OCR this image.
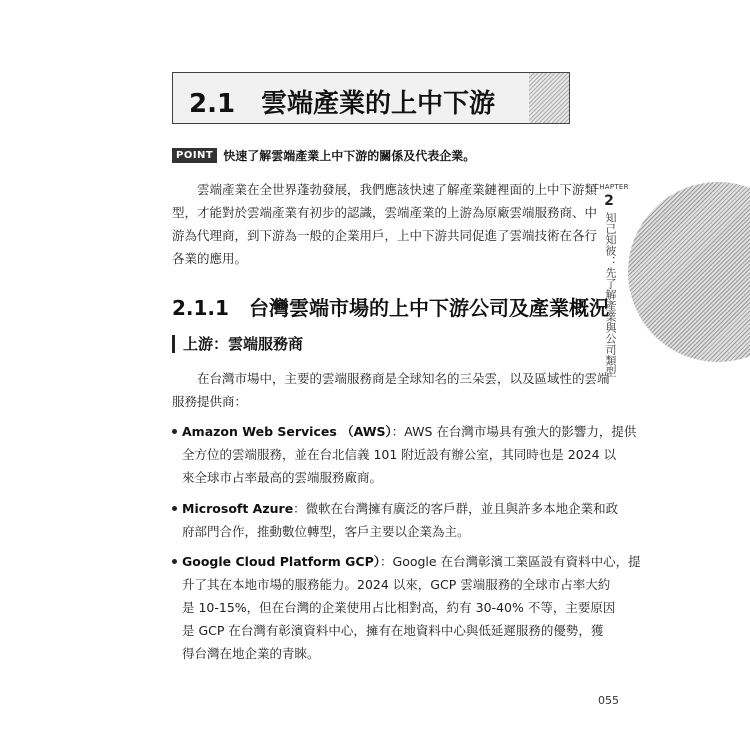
2.1　雲端產業的上中下游
POINT 快速了解雲端產業上中下游的關係及代表企業。

　　雲端產業在全世界蓬勃發展，我們應該快速了解產業鏈裡面的上中下游類

型，才能對於雲端產業有初步的認識，雲端產業的上游為原廠雲端服務商、中

游為代理商，到下游為一般的企業用戶，上中下游共同促進了雲端技術在各行

各業的應用。

2.1.1　台灣雲端市場的上中下游公司及產業概況
上游：雲端服務商

　　在台灣市場中，主要的雲端服務商是全球知名的三朵雲，以及區域性的雲端

服務提供商：

Amazon Web Services （AWS）：AWS 在台灣市場具有強大的影響力，提供

全方位的雲端服務，並在台北信義 101 附近設有辦公室，其同時也是 2024 以

來全球市占率最高的雲端服務廠商。

Microsoft Azure：微軟在台灣擁有廣泛的客戶群，並且與許多本地企業和政

府部門合作，推動數位轉型，客戶主要以企業為主。

Google Cloud Platform GCP）：Google 在台灣彰濱工業區設有資料中心，提

升了其在本地市場的服務能力。2024 以來，GCP 雲端服務的全球市占率大約

是 10-15%，但在台灣的企業使用占比相對高，約有 30-40% 不等，主要原因

是 GCP 在台灣有彰濱資料中心，擁有在地資料中心與低延遲服務的優勢，獲

得台灣在地企業的青睞。

CHAPTER
2
知己知彼：先了解產業與公司類型
055
